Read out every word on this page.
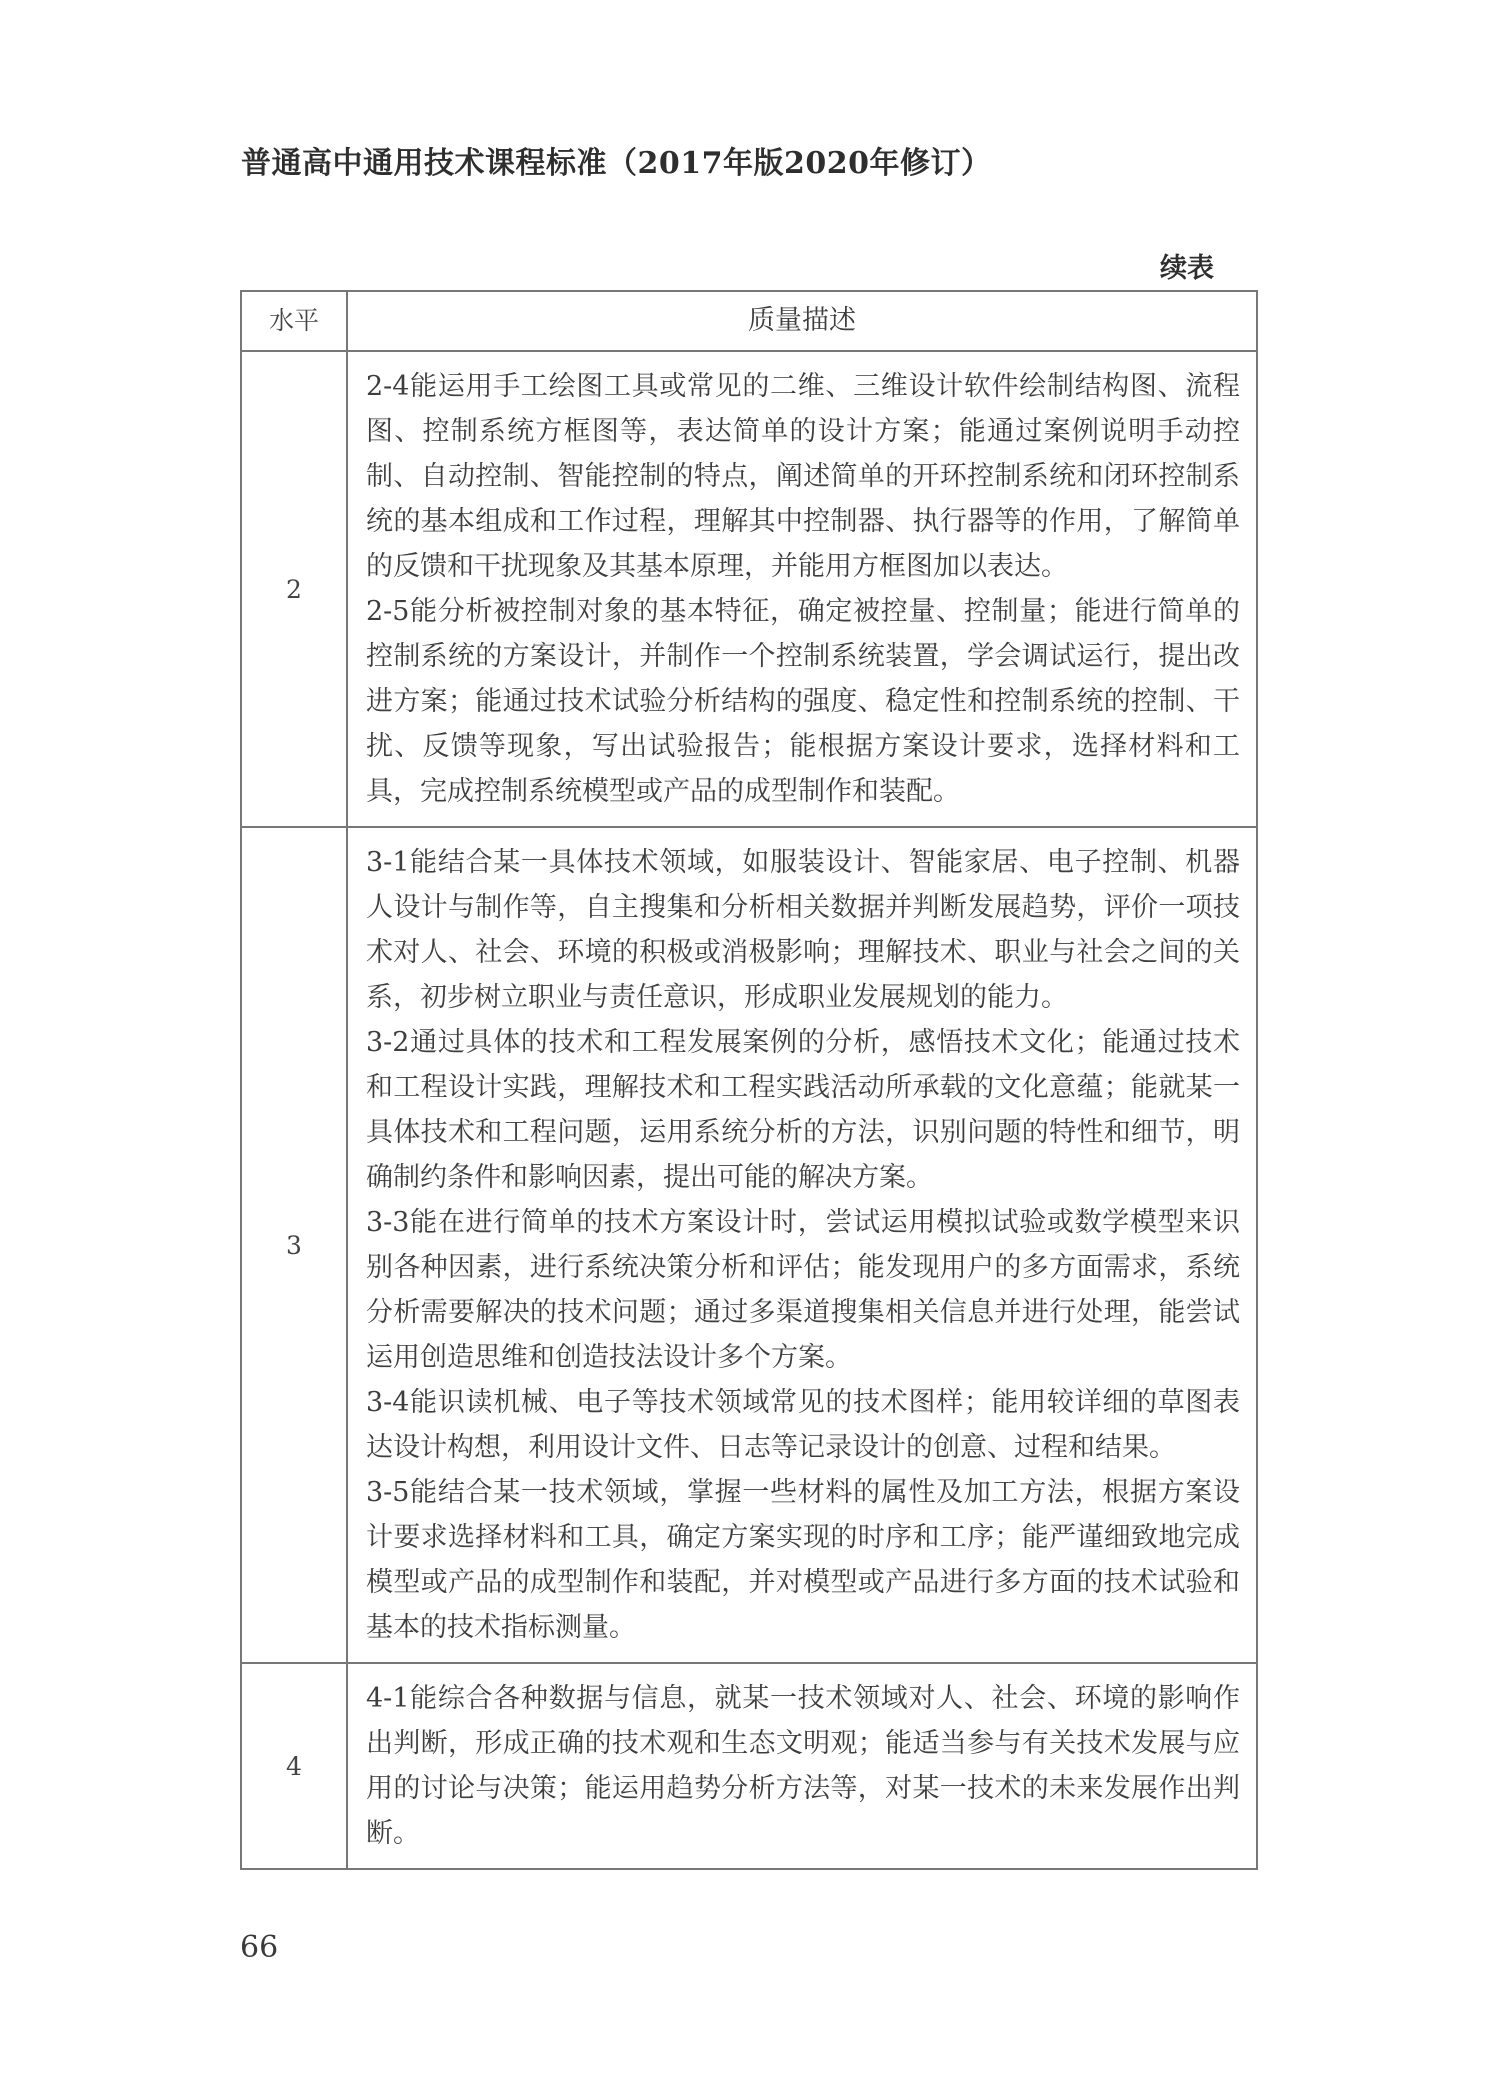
普通高中通用技术课程标准（2017年版2020年修订）
续表
水平	质量描述
2

2-4能运用手工绘图工具或常见的二维、三维设计软件绘制结构图、流程图、控制系统方框图等，表达简单的设计方案；能通过案例说明手动控制、自动控制、智能控制的特点，阐述简单的开环控制系统和闭环控制系统的基本组成和工作过程，理解其中控制器、执行器等的作用，了解简单的反馈和干扰现象及其基本原理，并能用方框图加以表达。

2-5能分析被控制对象的基本特征，确定被控量、控制量；能进行简单的控制系统的方案设计，并制作一个控制系统装置，学会调试运行，提出改进方案；能通过技术试验分析结构的强度、稳定性和控制系统的控制、干扰、反馈等现象，写出试验报告；能根据方案设计要求，选择材料和工具，完成控制系统模型或产品的成型制作和装配。

3

3-1能结合某一具体技术领域，如服装设计、智能家居、电子控制、机器人设计与制作等，自主搜集和分析相关数据并判断发展趋势，评价一项技术对人、社会、环境的积极或消极影响；理解技术、职业与社会之间的关系，初步树立职业与责任意识，形成职业发展规划的能力。

3-2通过具体的技术和工程发展案例的分析，感悟技术文化；能通过技术和工程设计实践，理解技术和工程实践活动所承载的文化意蕴；能就某一具体技术和工程问题，运用系统分析的方法，识别问题的特性和细节，明确制约条件和影响因素，提出可能的解决方案。

3-3能在进行简单的技术方案设计时，尝试运用模拟试验或数学模型来识别各种因素，进行系统决策分析和评估；能发现用户的多方面需求，系统分析需要解决的技术问题；通过多渠道搜集相关信息并进行处理，能尝试运用创造思维和创造技法设计多个方案。

3-4能识读机械、电子等技术领域常见的技术图样；能用较详细的草图表达设计构想，利用设计文件、日志等记录设计的创意、过程和结果。

3-5能结合某一技术领域，掌握一些材料的属性及加工方法，根据方案设计要求选择材料和工具，确定方案实现的时序和工序；能严谨细致地完成模型或产品的成型制作和装配，并对模型或产品进行多方面的技术试验和基本的技术指标测量。

4

4-1能综合各种数据与信息，就某一技术领域对人、社会、环境的影响作出判断，形成正确的技术观和生态文明观；能适当参与有关技术发展与应用的讨论与决策；能运用趋势分析方法等，对某一技术的未来发展作出判断。

66
